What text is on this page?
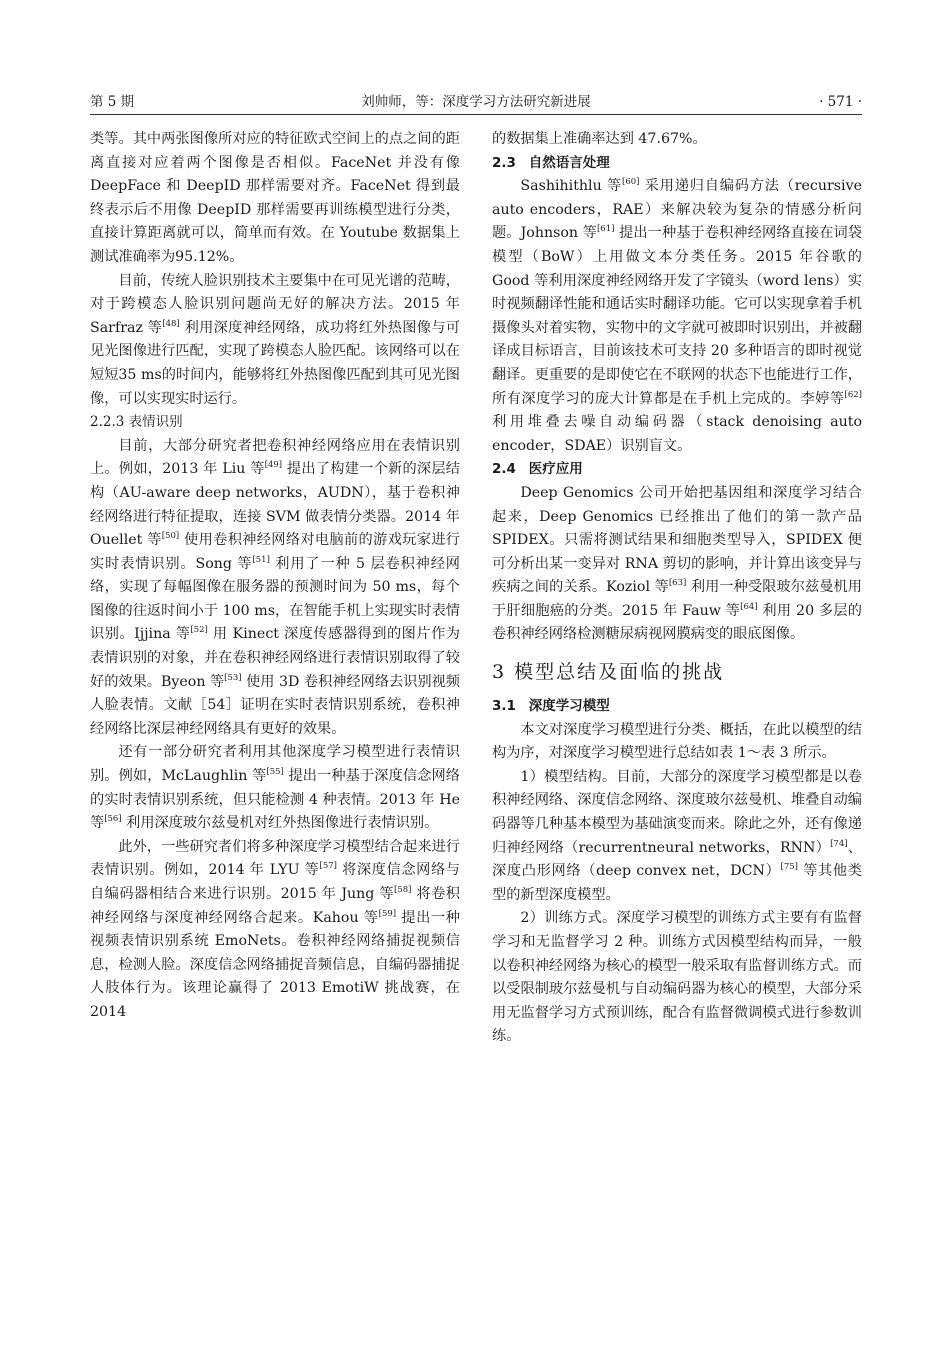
第 5 期	刘帅师，等：深度学习方法研究新进展	· 571 ·

类等。其中两张图像所对应的特征欧式空间上的点之间的距离直接对应着两个图像是否相似。FaceNet 并没有像 DeepFace 和 DeepID 那样需要对齐。FaceNet 得到最终表示后不用像 DeepID 那样需要再训练模型进行分类，直接计算距离就可以，简单而有效。在 Youtube 数据集上测试准确率为95.12%。

目前，传统人脸识别技术主要集中在可见光谱的范畴，对于跨模态人脸识别问题尚无好的解决方法。2015 年 Sarfraz 等[48] 利用深度神经网络，成功将红外热图像与可见光图像进行匹配，实现了跨模态人脸匹配。该网络可以在短短35 ms的时间内，能够将红外热图像匹配到其可见光图像，可以实现实时运行。

2.2.3 表情识别

目前，大部分研究者把卷积神经网络应用在表情识别上。例如，2013 年 Liu 等[49] 提出了构建一个新的深层结构（AU-aware deep networks，AUDN），基于卷积神经网络进行特征提取，连接 SVM 做表情分类器。2014 年 Ouellet 等[50] 使用卷积神经网络对电脑前的游戏玩家进行实时表情识别。Song 等[51] 利用了一种 5 层卷积神经网络，实现了每幅图像在服务器的预测时间为 50 ms，每个图像的往返时间小于 100 ms，在智能手机上实现实时表情识别。Ijjina 等[52] 用 Kinect 深度传感器得到的图片作为表情识别的对象，并在卷积神经网络进行表情识别取得了较好的效果。Byeon 等[53] 使用 3D 卷积神经网络去识别视频人脸表情。文献［54］证明在实时表情识别系统，卷积神经网络比深层神经网络具有更好的效果。

还有一部分研究者利用其他深度学习模型进行表情识别。例如，McLaughlin 等[55] 提出一种基于深度信念网络的实时表情识别系统，但只能检测 4 种表情。2013 年 He 等[56] 利用深度玻尔兹曼机对红外热图像进行表情识别。

此外，一些研究者们将多种深度学习模型结合起来进行表情识别。例如，2014 年 LYU 等[57] 将深度信念网络与自编码器相结合来进行识别。2015 年 Jung 等[58] 将卷积神经网络与深度神经网络合起来。Kahou 等[59] 提出一种视频表情识别系统 EmoNets。卷积神经网络捕捉视频信息，检测人脸。深度信念网络捕捉音频信息，自编码器捕捉人肢体行为。该理论赢得了 2013 EmotiW 挑战赛，在 2014

的数据集上准确率达到 47.67%。

2.3 自然语言处理

Sashihithlu 等[60] 采用递归自编码方法（recursive auto encoders，RAE）来解决较为复杂的情感分析问题。Johnson 等[61] 提出一种基于卷积神经网络直接在词袋模型（BoW）上用做文本分类任务。2015 年谷歌的 Good 等利用深度神经网络开发了字镜头（word lens）实时视频翻译性能和通话实时翻译功能。它可以实现拿着手机摄像头对着实物，实物中的文字就可被即时识别出，并被翻译成目标语言，目前该技术可支持 20 多种语言的即时视觉翻译。更重要的是即使它在不联网的状态下也能进行工作，所有深度学习的庞大计算都是在手机上完成的。李婷等[62] 利用堆叠去噪自动编码器（stack denoising auto encoder，SDAE）识别盲文。

2.4 医疗应用

Deep Genomics 公司开始把基因组和深度学习结合起来，Deep Genomics 已经推出了他们的第一款产品 SPIDEX。只需将测试结果和细胞类型导入，SPIDEX 便可分析出某一变异对 RNA 剪切的影响，并计算出该变异与疾病之间的关系。Koziol 等[63] 利用一种受限玻尔兹曼机用于肝细胞癌的分类。2015 年 Fauw 等[64] 利用 20 多层的卷积神经网络检测糖尿病视网膜病变的眼底图像。

3 模型总结及面临的挑战
3.1 深度学习模型

本文对深度学习模型进行分类、概括，在此以模型的结构为序，对深度学习模型进行总结如表 1～表 3 所示。

1）模型结构。目前，大部分的深度学习模型都是以卷积神经网络、深度信念网络、深度玻尔兹曼机、堆叠自动编码器等几种基本模型为基础演变而来。除此之外，还有像递归神经网络（recurrentneural networks，RNN）[74]、深度凸形网络（deep convex net，DCN）[75] 等其他类型的新型深度模型。

2）训练方式。深度学习模型的训练方式主要有有监督学习和无监督学习 2 种。训练方式因模型结构而异，一般以卷积神经网络为核心的模型一般采取有监督训练方式。而以受限制玻尔兹曼机与自动编码器为核心的模型，大部分采用无监督学习方式预训练，配合有监督微调模式进行参数训练。
